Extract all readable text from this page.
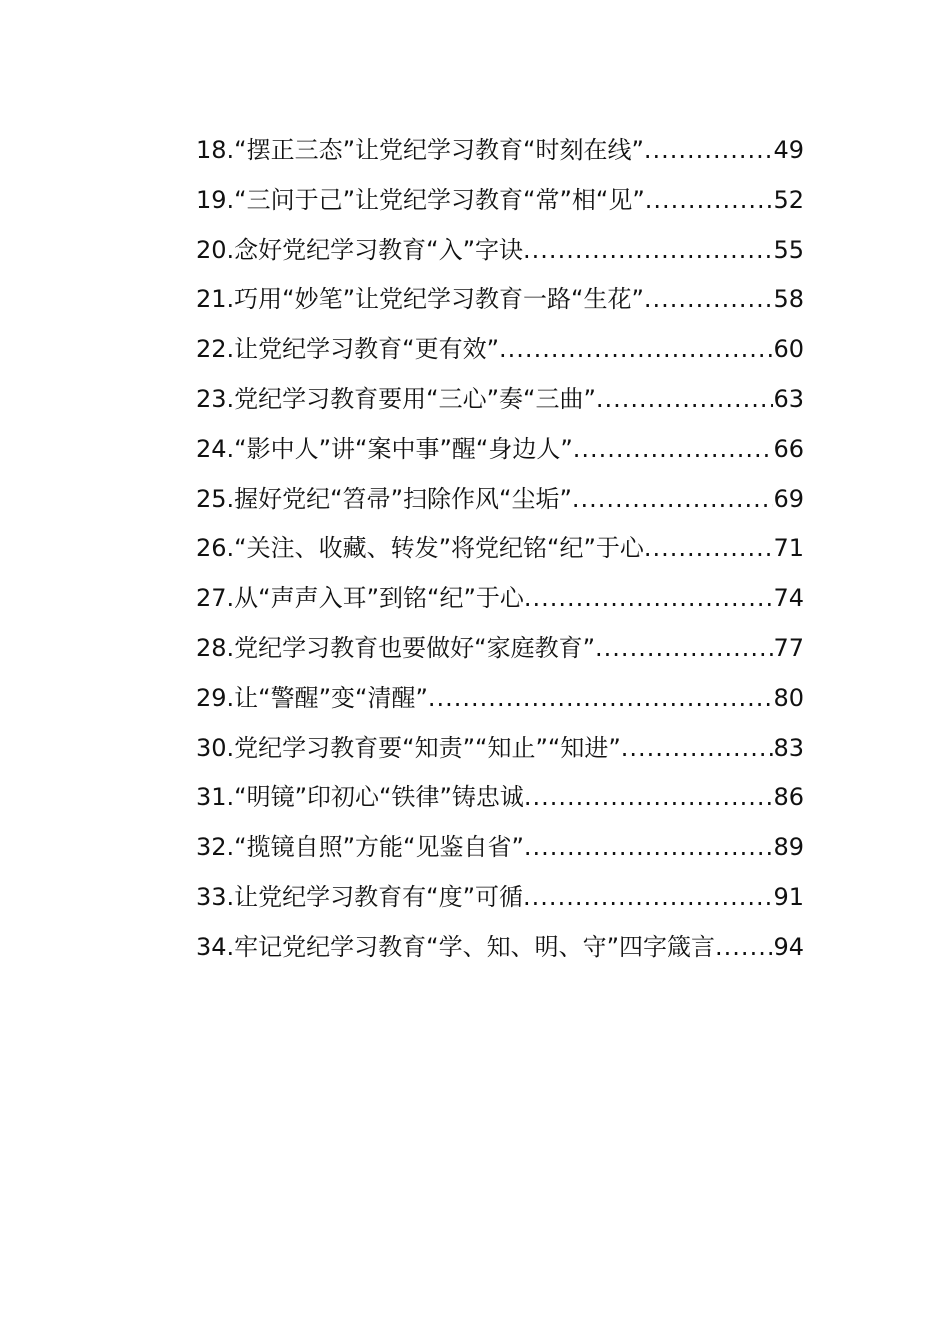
18. “摆正三态”让党纪学习教育“时刻在线” .....	49
19. “三问于己”让党纪学习教育“常”相“见” .....	52
20. 念好党纪学习教育“入”字诀 .....	55
21. 巧用“妙笔”让党纪学习教育一路“生花” .....	58
22. 让党纪学习教育“更有效” .....	60
23. 党纪学习教育要用“三心”奏“三曲” .....	63
24. “影中人”讲“案中事”醒“身边人” .....	66
25. 握好党纪“笤帚”扫除作风“尘垢” .....	69
26. “关注、收藏、转发”将党纪铭“纪”于心 .....	71
27. 从“声声入耳”到铭“纪”于心 .....	74
28. 党纪学习教育也要做好“家庭教育” .....	77
29. 让“警醒”变“清醒” .....	80
30. 党纪学习教育要“知责”“知止”“知进” .....	83
31. “明镜”印初心“铁律”铸忠诚 .....	86
32. “揽镜自照”方能“见鉴自省” .....	89
33. 让党纪学习教育有“度”可循 .....	91
34. 牢记党纪学习教育“学、知、明、守”四字箴言 ..... 94
